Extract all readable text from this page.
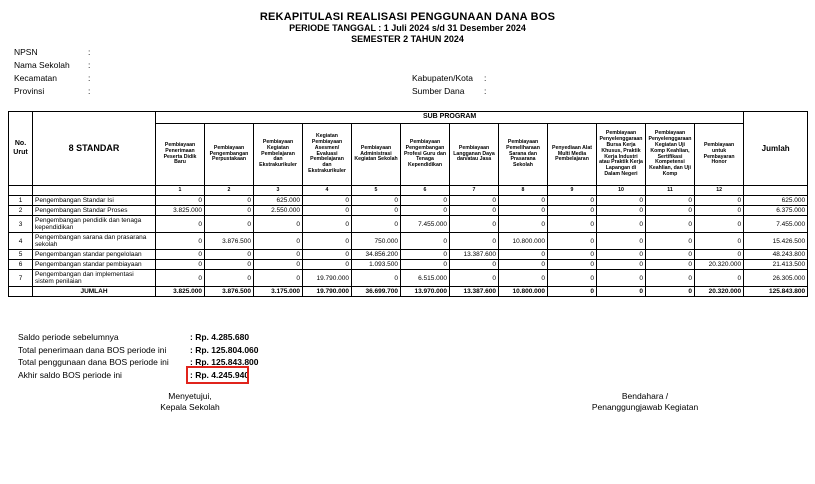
REKAPITULASI REALISASI PENGGUNAAN DANA BOS
PERIODE TANGGAL : 1 Juli 2024 s/d 31 Desember 2024
SEMESTER 2 TAHUN 2024
NPSN	:
Nama Sekolah :
Kecamatan	:
Provinsi	:
Kabupaten/Kota :
Sumber Dana :
No. Urut	8 STANDAR	SUB PROGRAM												Jumlah
		Pembiayaan Penerimaan Peserta Didik Baru	Pembiayaan Pengembangan Perpustakaan	Pembiayaan Kegiatan Pembelajaran dan Ekstrakurikuler	Kegiatan Pembiayaan Asesmen/ Evaluasi Pembelajaran dan Ekstrakurikuler	Pembiayaan Administrasi Kegiatan Sekolah	Pembiayaan Pengembangan Profesi Guru dan Tenaga Kependidikan	Pembiayaan Langganan Daya dan/atau Jasa	Pembiayaan Pemeliharaan Sarana dan Prasarana Sekolah	Penyediaan Alat Multi Media Pembelajaran	Pembiayaan Penyelenggaraan Bursa Kerja Khusus, Praktik Kerja Industri atau Praktik Kerja Lapangan di Dalam Negeri	Pembiayaan Penyelenggaraan Kegiatan Uji Komp Keahlian, Sertifikasi Kompetensi Keahlian, dan Uji Komp	Pembiayaan untuk Pembayaran Honor	
		1	2	3	4	5	6	7	8	9	10	11	12	
1	Pengembangan Standar Isi	0	0	625.000	0	0	0	0	0	0	0	0	0	625.000
2	Pengembangan Standar Proses	3.825.000	0	2.550.000	0	0	0	0	0	0	0	0	0	6.375.000
3	Pengembangan pendidik dan tenaga kependidikan	0	0	0	0	0	7.455.000	0	0	0	0	0	0	7.455.000
4	Pengembangan sarana dan prasarana sekolah	0	3.876.500	0	0	750.000	0	0	10.800.000	0	0	0	0	15.426.500
5	Pengembangan standar pengelolaan	0	0	0	0	34.856.200	0	13.387.600	0	0	0	0	0	48.243.800
6	Pengembangan standar pembiayaan	0	0	0	0	1.093.500	0	0	0	0	0	0	20.320.000	21.413.500
7	Pengembangan dan implementasi sistem penilaian	0	0	0	19.790.000	0	6.515.000	0	0	0	0	0	0	26.305.000
	JUMLAH	3.825.000	3.876.500	3.175.000	19.790.000	36.699.700	13.970.000	13.387.600	10.800.000	0	0	0	20.320.000	125.843.800
Saldo periode sebelumnya	: Rp. 4.285.680
Total penerimaan dana BOS periode ini	: Rp. 125.804.060
Total penggunaan dana BOS periode ini : Rp. 125.843.800
Akhir saldo BOS periode ini	: Rp. 4.245.940
Menyetujui,
Kepala Sekolah
Bendahara /
Penanggungjawab Kegiatan
